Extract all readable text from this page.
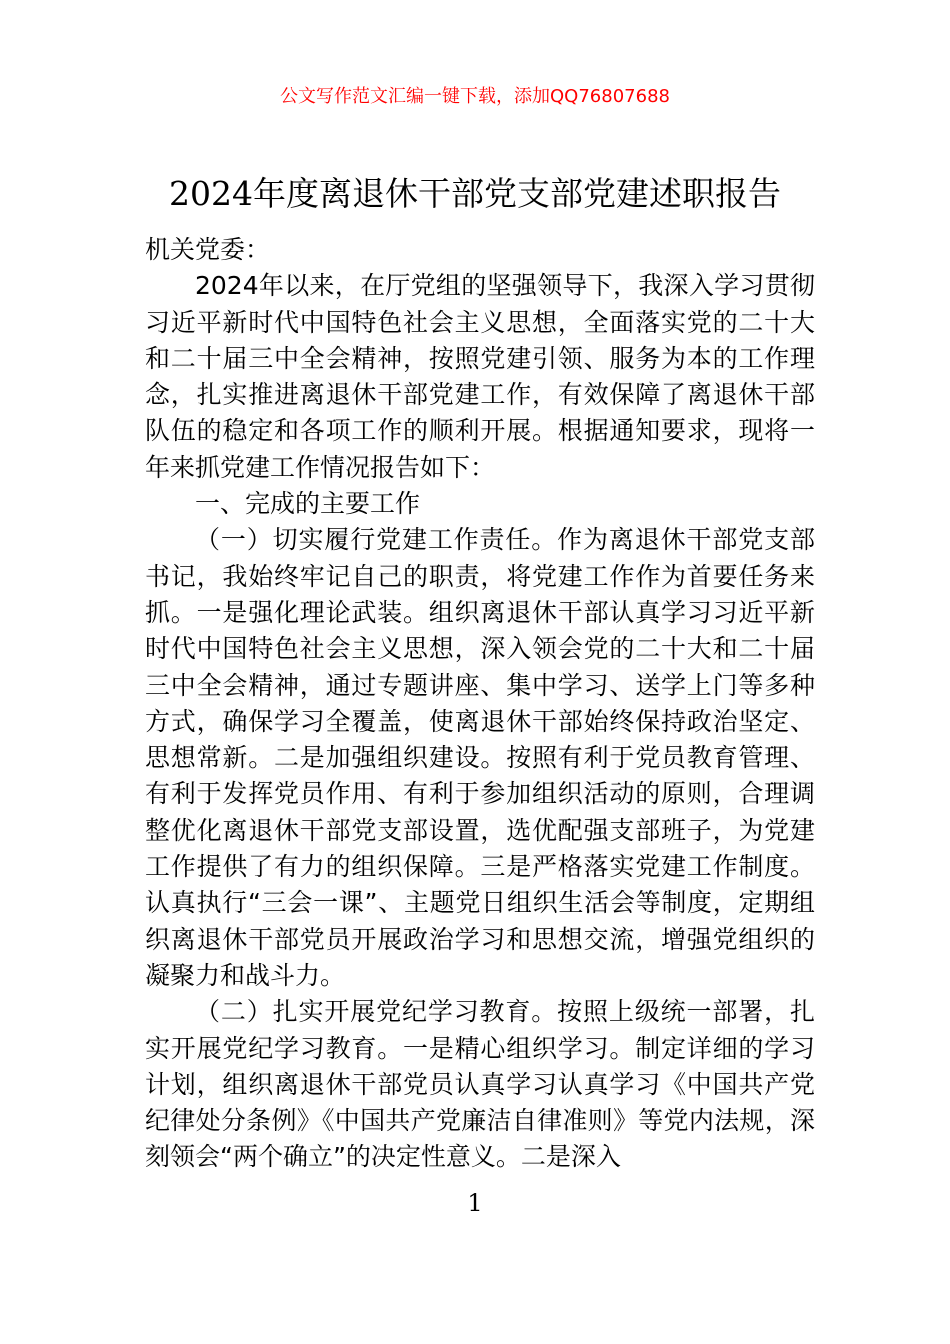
公文写作范文汇编一键下载，添加QQ76807688
2024年度离退休干部党支部党建述职报告

机关党委：

2024年以来，在厅党组的坚强领导下，我深入学习贯彻习近平新时代中国特色社会主义思想，全面落实党的二十大和二十届三中全会精神，按照党建引领、服务为本的工作理念，扎实推进离退休干部党建工作，有效保障了离退休干部队伍的稳定和各项工作的顺利开展。根据通知要求，现将一年来抓党建工作情况报告如下：

一、完成的主要工作

（一）切实履行党建工作责任。作为离退休干部党支部书记，我始终牢记自己的职责，将党建工作作为首要任务来抓。一是强化理论武装。组织离退休干部认真学习习近平新时代中国特色社会主义思想，深入领会党的二十大和二十届三中全会精神，通过专题讲座、集中学习、送学上门等多种方式，确保学习全覆盖，使离退休干部始终保持政治坚定、思想常新。二是加强组织建设。按照有利于党员教育管理、有利于发挥党员作用、有利于参加组织活动的原则，合理调整优化离退休干部党支部设置，选优配强支部班子，为党建工作提供了有力的组织保障。三是严格落实党建工作制度。认真执行“三会一课”、主题党日组织生活会等制度，定期组织离退休干部党员开展政治学习和思想交流，增强党组织的凝聚力和战斗力。

（二）扎实开展党纪学习教育。按照上级统一部署，扎实开展党纪学习教育。一是精心组织学习。制定详细的学习计划，组织离退休干部党员认真学习认真学习《中国共产党纪律处分条例》《中国共产党廉洁自律准则》等党内法规，深刻领会“两个确立”的决定性意义。二是深入

1
